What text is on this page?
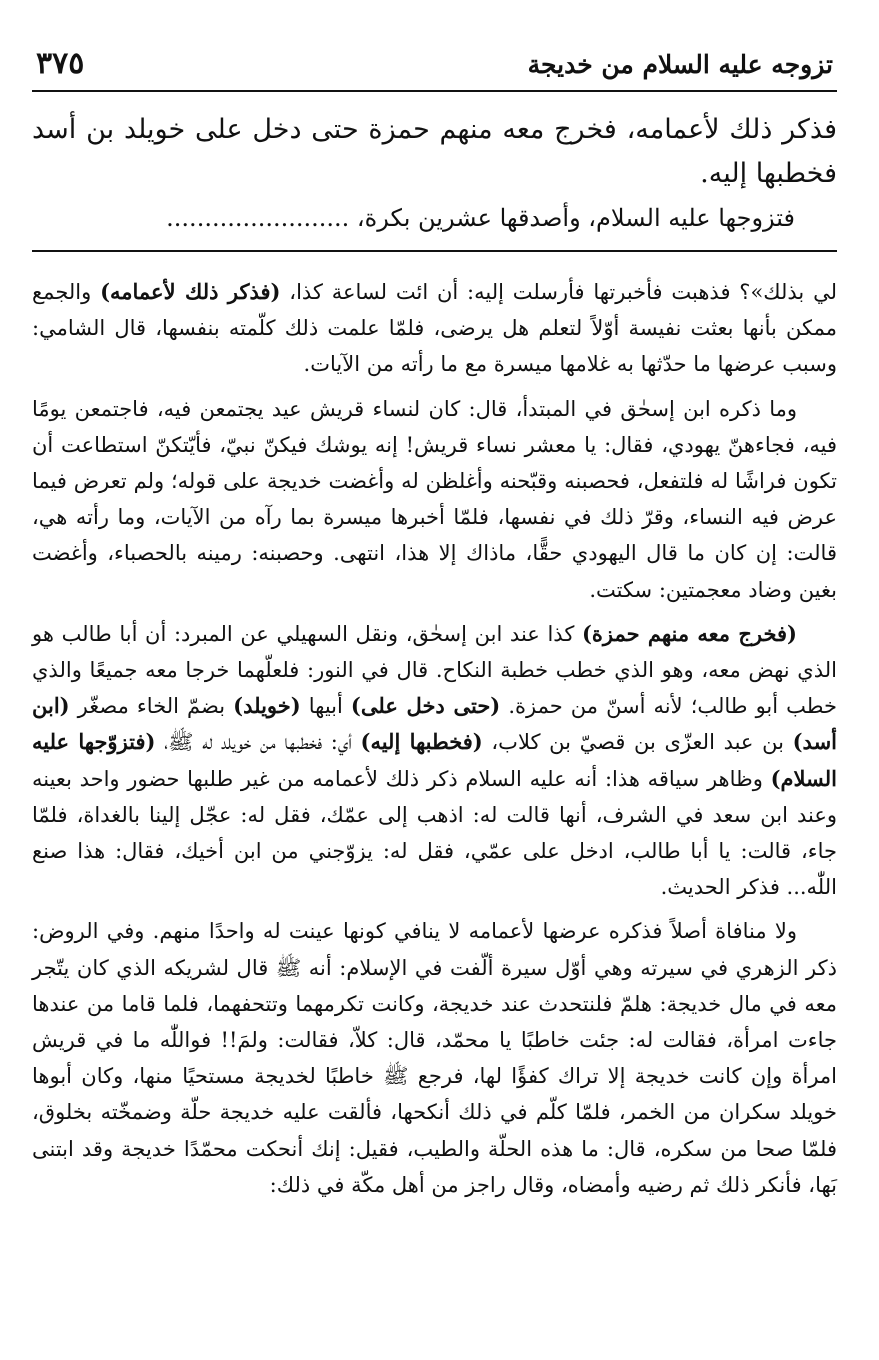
تزوجه عليه السلام من خديجة
٣٧٥

فذكر ذلك لأعمامه، فخرج معه منهم حمزة حتى دخل على خويلد بن أسد فخطبها إليه.

فتزوجها عليه السلام، وأصدقها عشرين بكرة، ........................

لي بذلك»؟ فذهبت فأخبرتها فأرسلت إليه: أن ائت لساعة كذا، (فذكر ذلك لأعمامه) والجمع ممكن بأنها بعثت نفيسة أوّلاً لتعلم هل يرضى، فلمّا علمت ذلك كلّمته بنفسها، قال الشامي: وسبب عرضها ما حدّثها به غلامها ميسرة مع ما رأته من الآيات.

وما ذكره ابن إسحٰق في المبتدأ، قال: كان لنساء قريش عيد يجتمعن فيه، فاجتمعن يومًا فيه، فجاءهنّ يهودي، فقال: يا معشر نساء قريش! إنه يوشك فيكنّ نبيّ، فأيّتكنّ استطاعت أن تكون فراشًا له فلتفعل، فحصبنه وقبّحنه وأغلظن له وأغضت خديجة على قوله؛ ولم تعرض فيما عرض فيه النساء، وقرّ ذلك في نفسها، فلمّا أخبرها ميسرة بما رآه من الآيات، وما رأته هي، قالت: إن كان ما قال اليهودي حقًّا، ماذاك إلا هذا، انتهى. وحصبنه: رمينه بالحصباء، وأغضت بغين وضاد معجمتين: سكتت.

(فخرج معه منهم حمزة) كذا عند ابن إسحٰق، ونقل السهيلي عن المبرد: أن أبا طالب هو الذي نهض معه، وهو الذي خطب خطبة النكاح. قال في النور: فلعلّهما خرجا معه جميعًا والذي خطب أبو طالب؛ لأنه أسنّ من حمزة. (حتى دخل على) أبيها (خويلد) بضمّ الخاء مصغّر (ابن أسد) بن عبد العزّى بن قصيّ بن كلاب، (فخطبها إليه) أي: فخطبها من خويلد له ﷺ، (فتزوّجها عليه السلام) وظاهر سياقه هذا: أنه عليه السلام ذكر ذلك لأعمامه من غير طلبها حضور واحد بعينه وعند ابن سعد في الشرف، أنها قالت له: اذهب إلى عمّك، فقل له: عجّل إلينا بالغداة، فلمّا جاء، قالت: يا أبا طالب، ادخل على عمّي، فقل له: يزوّجني من ابن أخيك، فقال: هذا صنع اللّٰه... فذكر الحديث.

ولا منافاة أصلاً فذكره عرضها لأعمامه لا ينافي كونها عينت له واحدًا منهم. وفي الروض: ذكر الزهري في سيرته وهي أوّل سيرة ألّفت في الإسلام: أنه ﷺ قال لشريكه الذي كان يتّجر معه في مال خديجة: هلمّ فلنتحدث عند خديجة، وكانت تكرمهما وتتحفهما، فلما قاما من عندها جاءت امرأة، فقالت له: جئت خاطبًا يا محمّد، قال: كلاّ، فقالت: ولمَ!! فواللّٰه ما في قريش امرأة وإن كانت خديجة إلا تراك كفؤًا لها، فرجع ﷺ خاطبًا لخديجة مستحيًا منها، وكان أبوها خويلد سكران من الخمر، فلمّا كلّم في ذلك أنكحها، فألقت عليه خديجة حلّة وضمخّته بخلوق، فلمّا صحا من سكره، قال: ما هذه الحلّة والطيب، فقيل: إنك أنحكت محمّدًا خديجة وقد ابتنى بَها، فأنكر ذلك ثم رضيه وأمضاه، وقال راجز من أهل مكّة في ذلك:
